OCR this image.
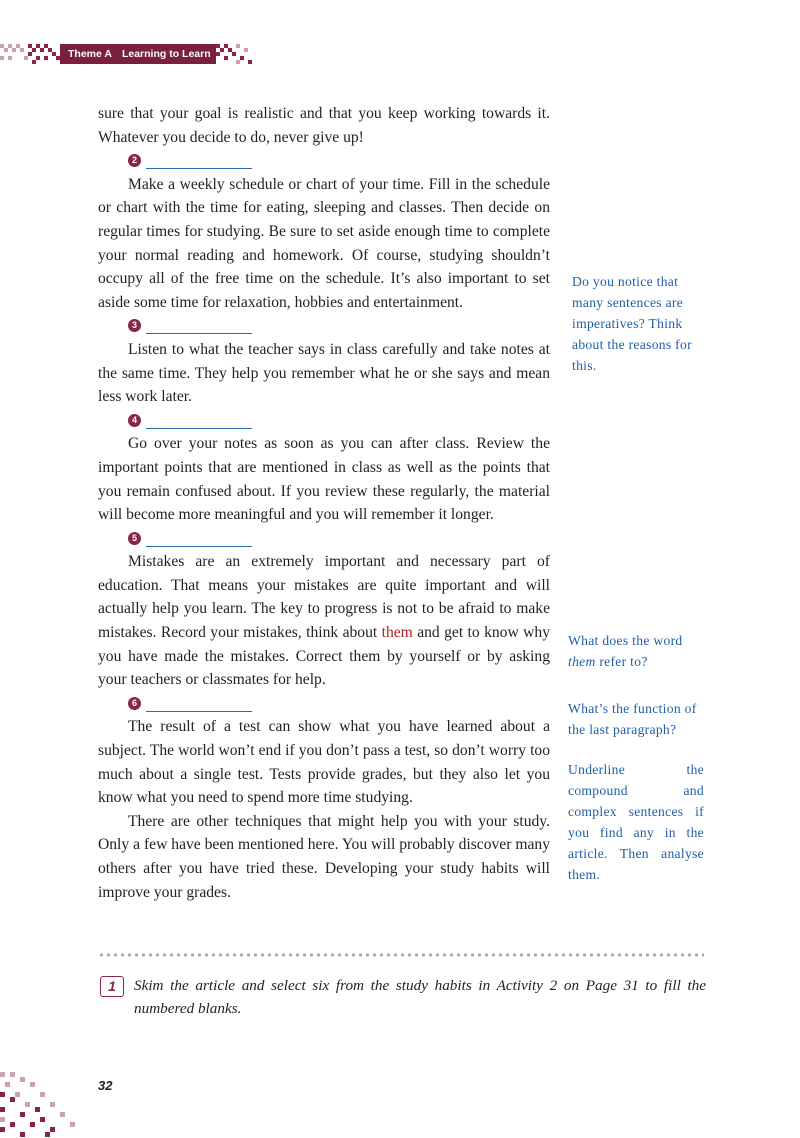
Theme A Learning to Learn

sure that your goal is realistic and that you keep working towards it. Whatever you decide to do, never give up!

2

Make a weekly schedule or chart of your time. Fill in the schedule or chart with the time for eating, sleeping and classes. Then decide on regular times for studying. Be sure to set aside enough time to complete your normal reading and homework. Of course, studying shouldn’t occupy all of the free time on the schedule. It’s also important to set aside some time for relaxation, hobbies and entertainment.

3

Listen to what the teacher says in class carefully and take notes at the same time. They help you remember what he or she says and mean less work later.

4

Go over your notes as soon as you can after class. Review the important points that are mentioned in class as well as the points that you remain confused about. If you review these regularly, the material will become more meaningful and you will remember it longer.

5

Mistakes are an extremely important and necessary part of education. That means your mistakes are quite important and will actually help you learn. The key to progress is not to be afraid to make mistakes. Record your mistakes, think about them and get to know why you have made the mistakes. Correct them by yourself or by asking your teachers or classmates for help.

6

The result of a test can show what you have learned about a subject. The world won’t end if you don’t pass a test, so don’t worry too much about a single test. Tests provide grades, but they also let you know what you need to spend more time studying.

There are other techniques that might help you with your study. Only a few have been mentioned here. You will probably discover many others after you have tried these. Developing your study habits will improve your grades.

Do you notice that many sentences are imperatives? Think about the reasons for this.
What does the word them refer to?
What’s the function of the last paragraph?
Underline the compound and complex sentences if you find any in the article. Then analyse them.
1	Skim the article and select six from the study habits in Activity 2 on Page 31 to fill the numbered blanks.
32
